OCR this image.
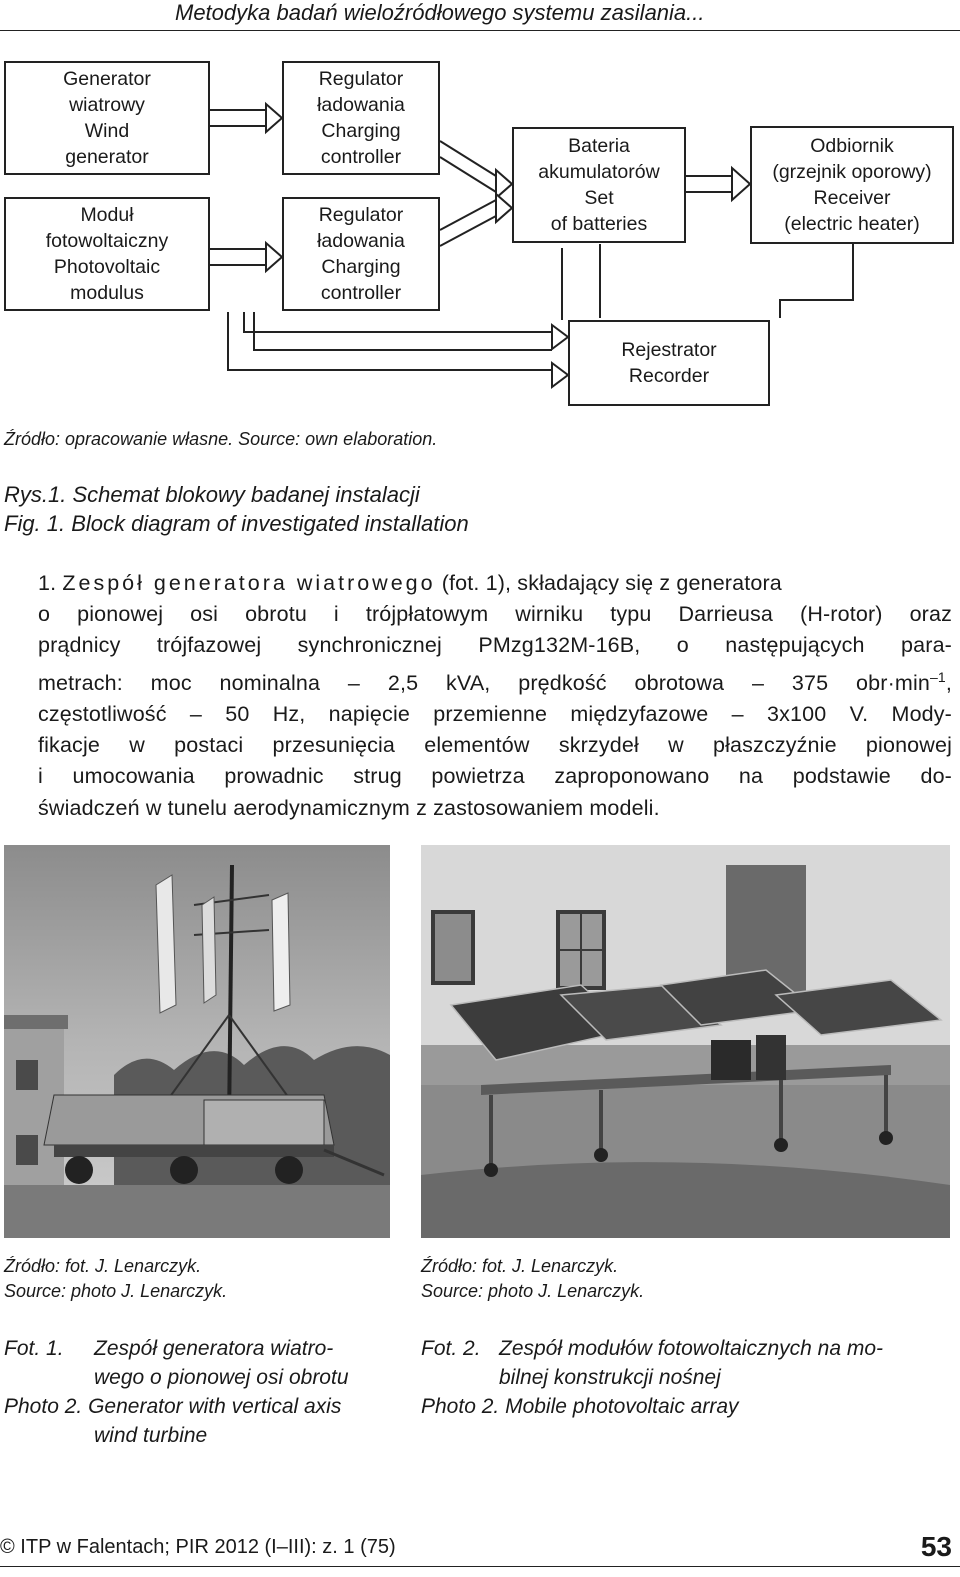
Metodyka badań wieloźródłowego systemu zasilania...
Generator
wiatrowy
Wind
generator
Moduł
fotowoltaiczny
Photovoltaic
modulus
Regulator
ładowania
Charging
controller
Regulator
ładowania
Charging
controller
Bateria
akumulatorów
Set
of batteries
Odbiornik
(grzejnik oporowy)
Receiver
(electric heater)
Rejestrator
Recorder
Źródło: opracowanie własne. Source: own elaboration.
Rys.1. Schemat blokowy badanej instalacji
Fig. 1. Block diagram of investigated installation

1. Zespół generatora wiatrowego (fot. 1), składający się z generatora

o pionowej osi obrotu i trójpłatowym wirniku typu Darrieusa (H-rotor) oraz

prądnicy trójfazowej synchronicznej PMzg132M-16B, o następujących para-

metrach: moc nominalna – 2,5 kVA, prędkość obrotowa – 375 $obr\cdot\min^{-1}$,

częstotliwość – 50 Hz, napięcie przemienne międzyfazowe – 3x100 V. Mody-

fikacje w postaci przesunięcia elementów skrzydeł w płaszczyźnie pionowej

i umocowania prowadnic strug powietrza zaproponowano na podstawie do-

świadczeń w tunelu aerodynamicznym z zastosowaniem modeli.

Źródło: fot. J. Lenarczyk.
Source: photo J. Lenarczyk.
Fot. 1.	Zespół generatora wiatro-
wego o pionowej osi obrotu
Photo 2.
Generator with vertical axis
wind turbine
Źródło: fot. J. Lenarczyk.
Source: photo J. Lenarczyk.
Fot. 2. Zespół modułów fotowoltaicznych na mo-
bilnej konstrukcji nośnej
Photo 2.
Mobile photovoltaic array
© ITP w Falentach; PIR 2012 (I–III): z. 1 (75)	53
